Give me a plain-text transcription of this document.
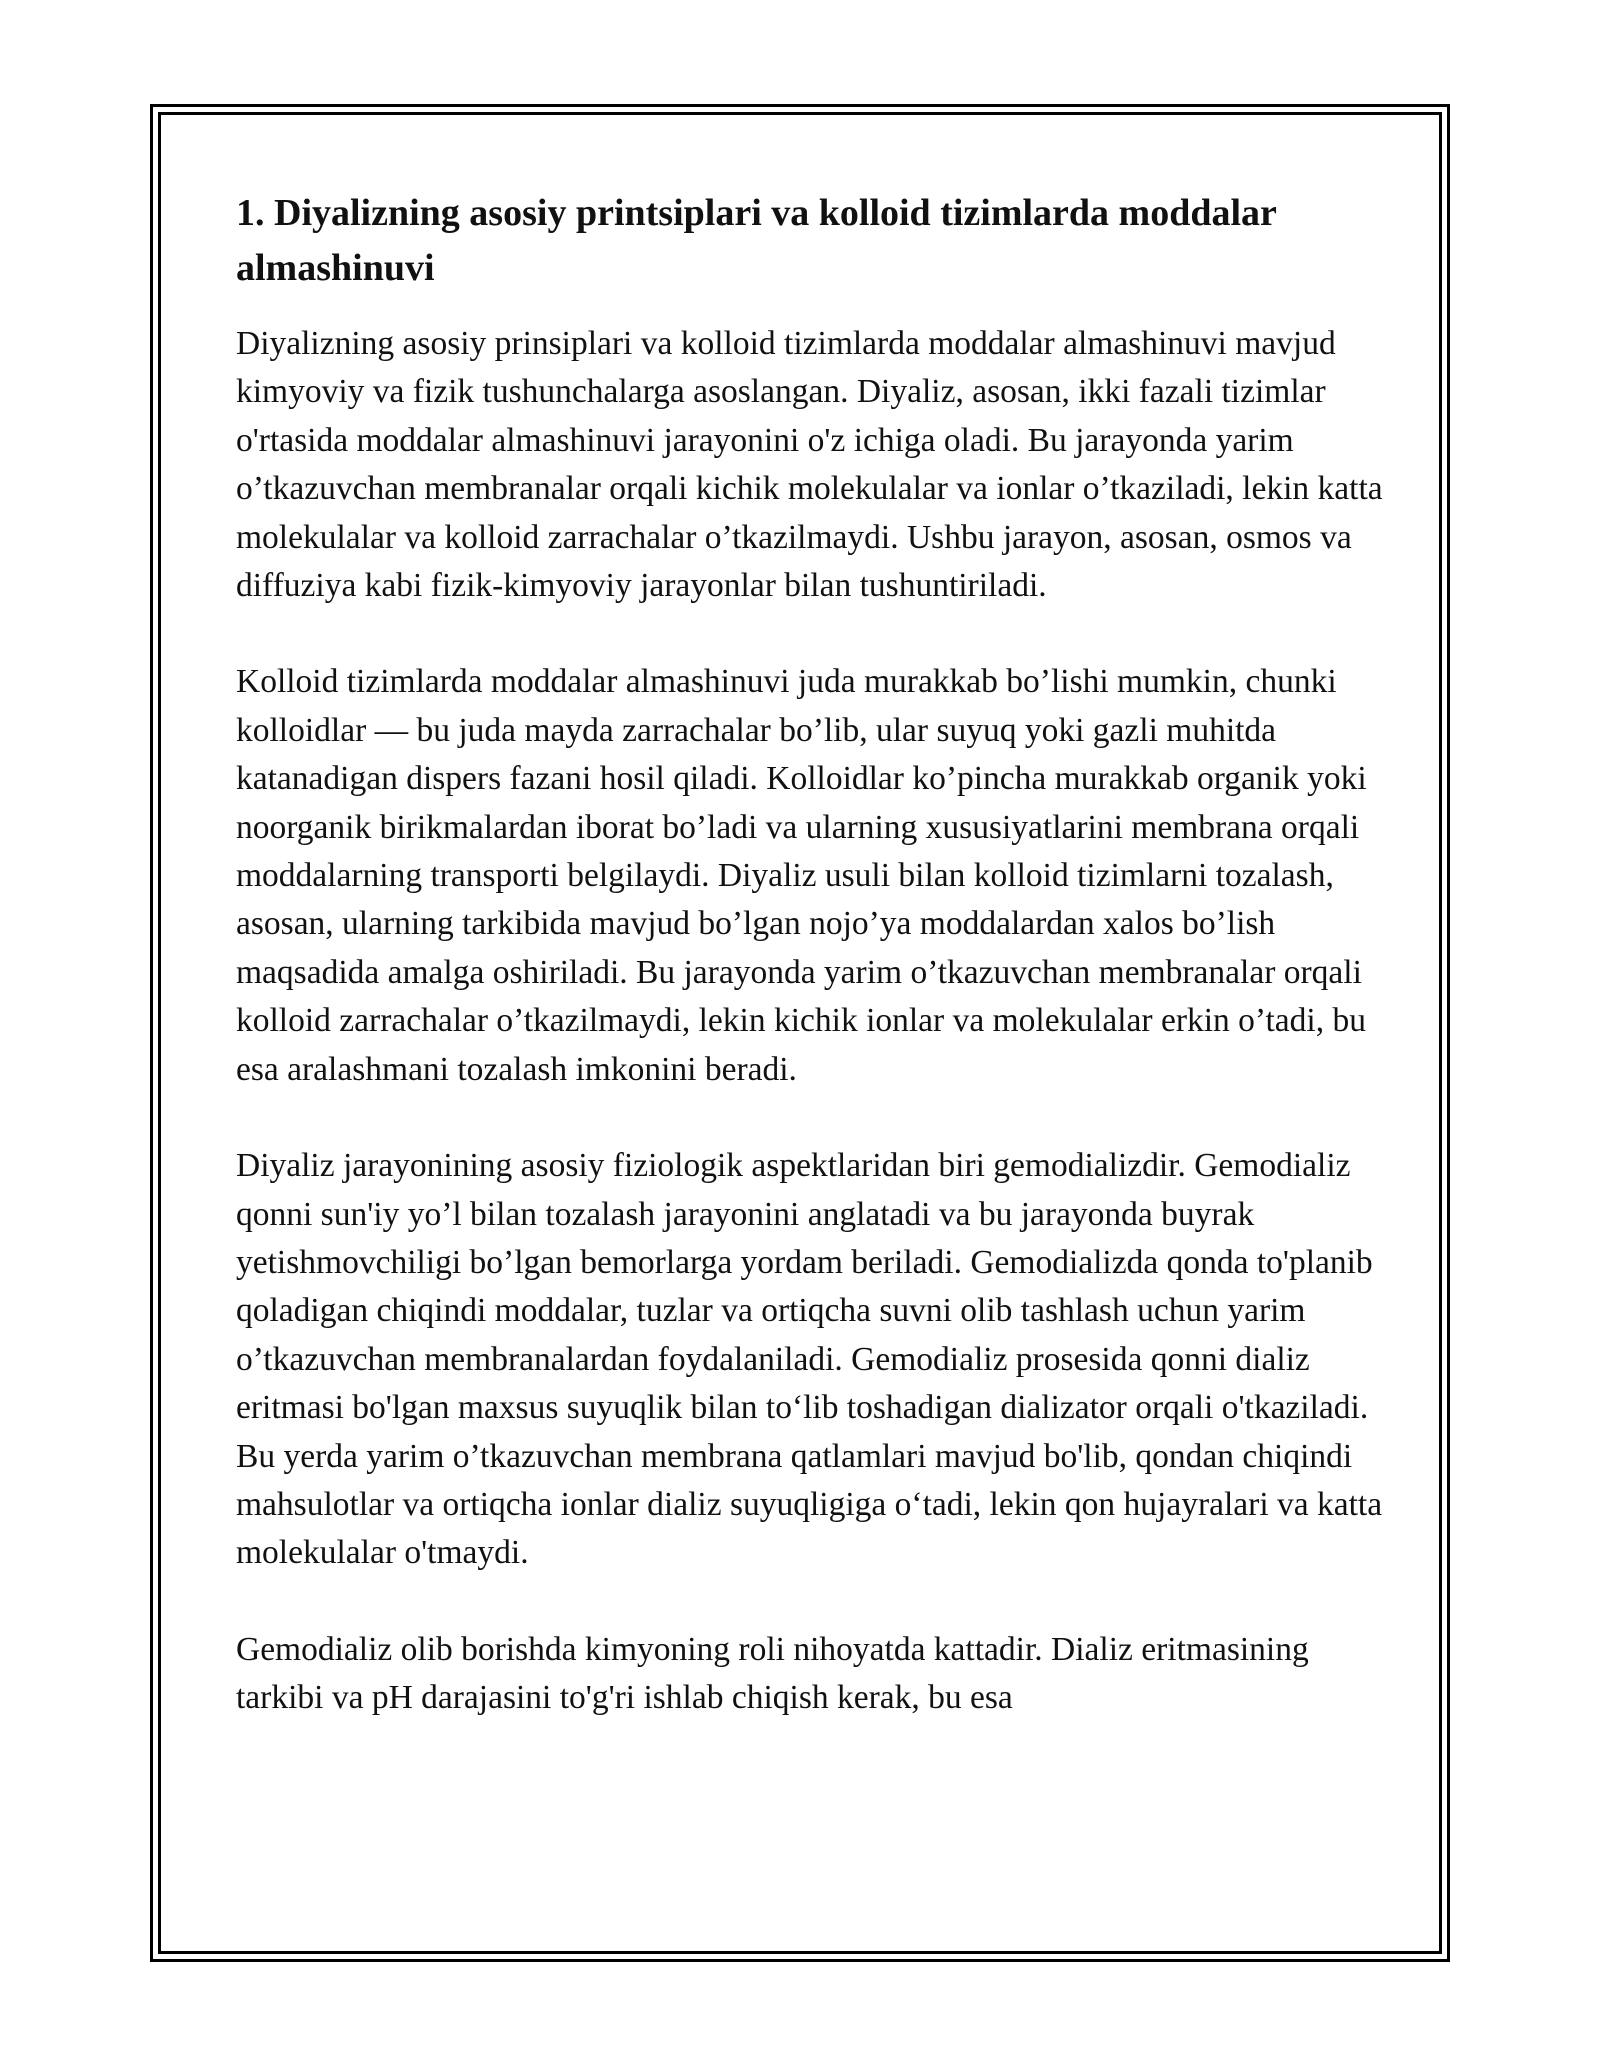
1. Diyalizning asosiy printsiplari va kolloid tizimlarda moddalar almashinuvi

Diyalizning asosiy prinsiplari va kolloid tizimlarda moddalar almashinuvi mavjud kimyoviy va fizik tushunchalarga asoslangan. Diyaliz, asosan, ikki fazali tizimlar o'rtasida moddalar almashinuvi jarayonini o'z ichiga oladi. Bu jarayonda yarim o’tkazuvchan membranalar orqali kichik molekulalar va ionlar o’tkaziladi, lekin katta molekulalar va kolloid zarrachalar o’tkazilmaydi. Ushbu jarayon, asosan, osmos va diffuziya kabi fizik-kimyoviy jarayonlar bilan tushuntiriladi.

Kolloid tizimlarda moddalar almashinuvi juda murakkab bo’lishi mumkin, chunki kolloidlar — bu juda mayda zarrachalar bo’lib, ular suyuq yoki gazli muhitda katanadigan dispers fazani hosil qiladi. Kolloidlar ko’pincha murakkab organik yoki noorganik birikmalardan iborat bo’ladi va ularning xususiyatlarini membrana orqali moddalarning transporti belgilaydi. Diyaliz usuli bilan kolloid tizimlarni tozalash, asosan, ularning tarkibida mavjud bo’lgan nojo’ya moddalardan xalos bo’lish maqsadida amalga oshiriladi. Bu jarayonda yarim o’tkazuvchan membranalar orqali kolloid zarrachalar o’tkazilmaydi, lekin kichik ionlar va molekulalar erkin o’tadi, bu esa aralashmani tozalash imkonini beradi.

Diyaliz jarayonining asosiy fiziologik aspektlaridan biri gemodializdir. Gemodializ qonni sun'iy yo’l bilan tozalash jarayonini anglatadi va bu jarayonda buyrak yetishmovchiligi bo’lgan bemorlarga yordam beriladi. Gemodializda qonda to'planib qoladigan chiqindi moddalar, tuzlar va ortiqcha suvni olib tashlash uchun yarim o’tkazuvchan membranalardan foydalaniladi. Gemodializ prosesida qonni dializ eritmasi bo'lgan maxsus suyuqlik bilan to‘lib toshadigan dializator orqali o'tkaziladi. Bu yerda yarim o’tkazuvchan membrana qatlamlari mavjud bo'lib, qondan chiqindi mahsulotlar va ortiqcha ionlar dializ suyuqligiga o‘tadi, lekin qon hujayralari va katta molekulalar o'tmaydi.

Gemodializ olib borishda kimyoning roli nihoyatda kattadir. Dializ eritmasining tarkibi va pH darajasini to'g'ri ishlab chiqish kerak, bu esa
